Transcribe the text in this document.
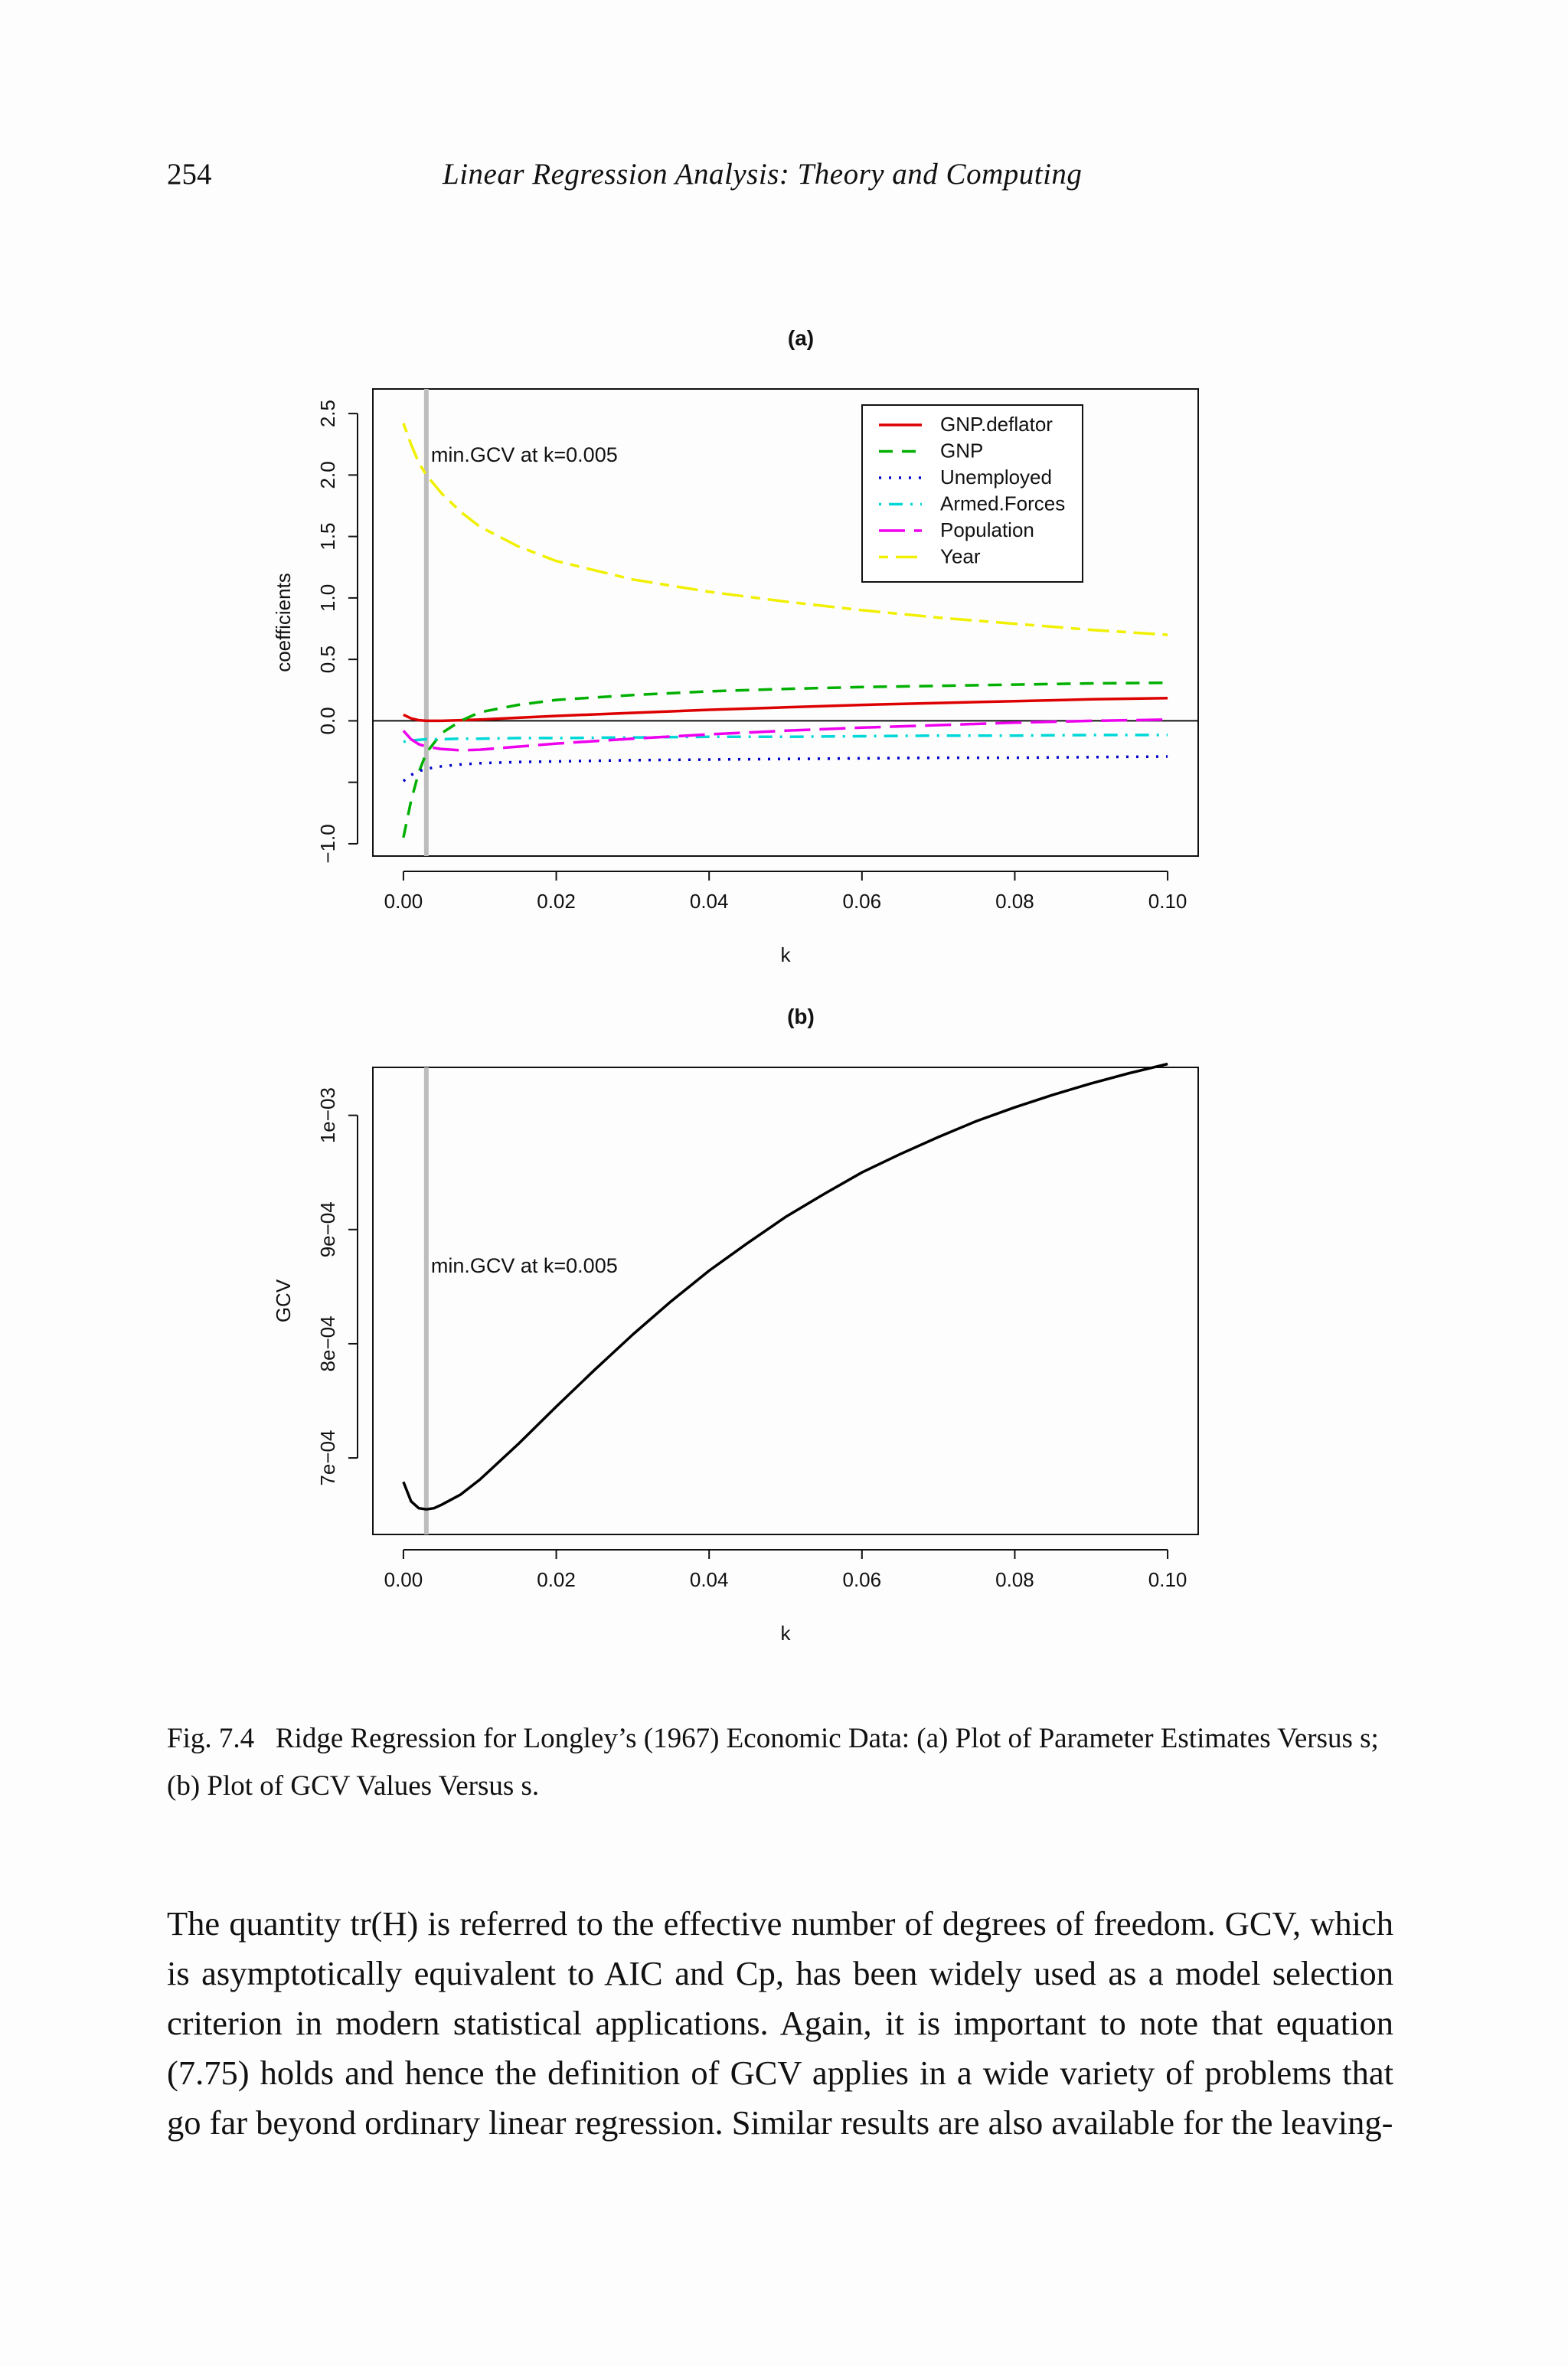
254	Linear Regression Analysis: Theory and Computing
(a)
0.00	0.02	0.04	0.06	0.08	0.10
k
−1.0
0.0
0.5
1.0
1.5
2.0
2.5
coefficients
min.GCV at k=0.005
GNP.deflator
GNP
Unemployed
Armed.Forces
Population
Year
(b)
0.00	0.02	0.04	0.06	0.08	0.10
k
7e−04
8e−04
9e−04
1e−03
GCV
min.GCV at k=0.005
Fig. 7.4 Ridge Regression for Longley’s (1967) Economic Data: (a) Plot of Parameter Estimates Versus s; (b) Plot of GCV Values Versus s.

The quantity tr(H) is referred to the effective number of degrees of freedom. GCV, which is asymptotically equivalent to AIC and Cp, has been widely used as a model selection criterion in modern statistical applications. Again, it is important to note that equation (7.75) holds and hence the definition of GCV applies in a wide variety of problems that go far beyond ordinary linear regression. Similar results are also available for the leaving-
